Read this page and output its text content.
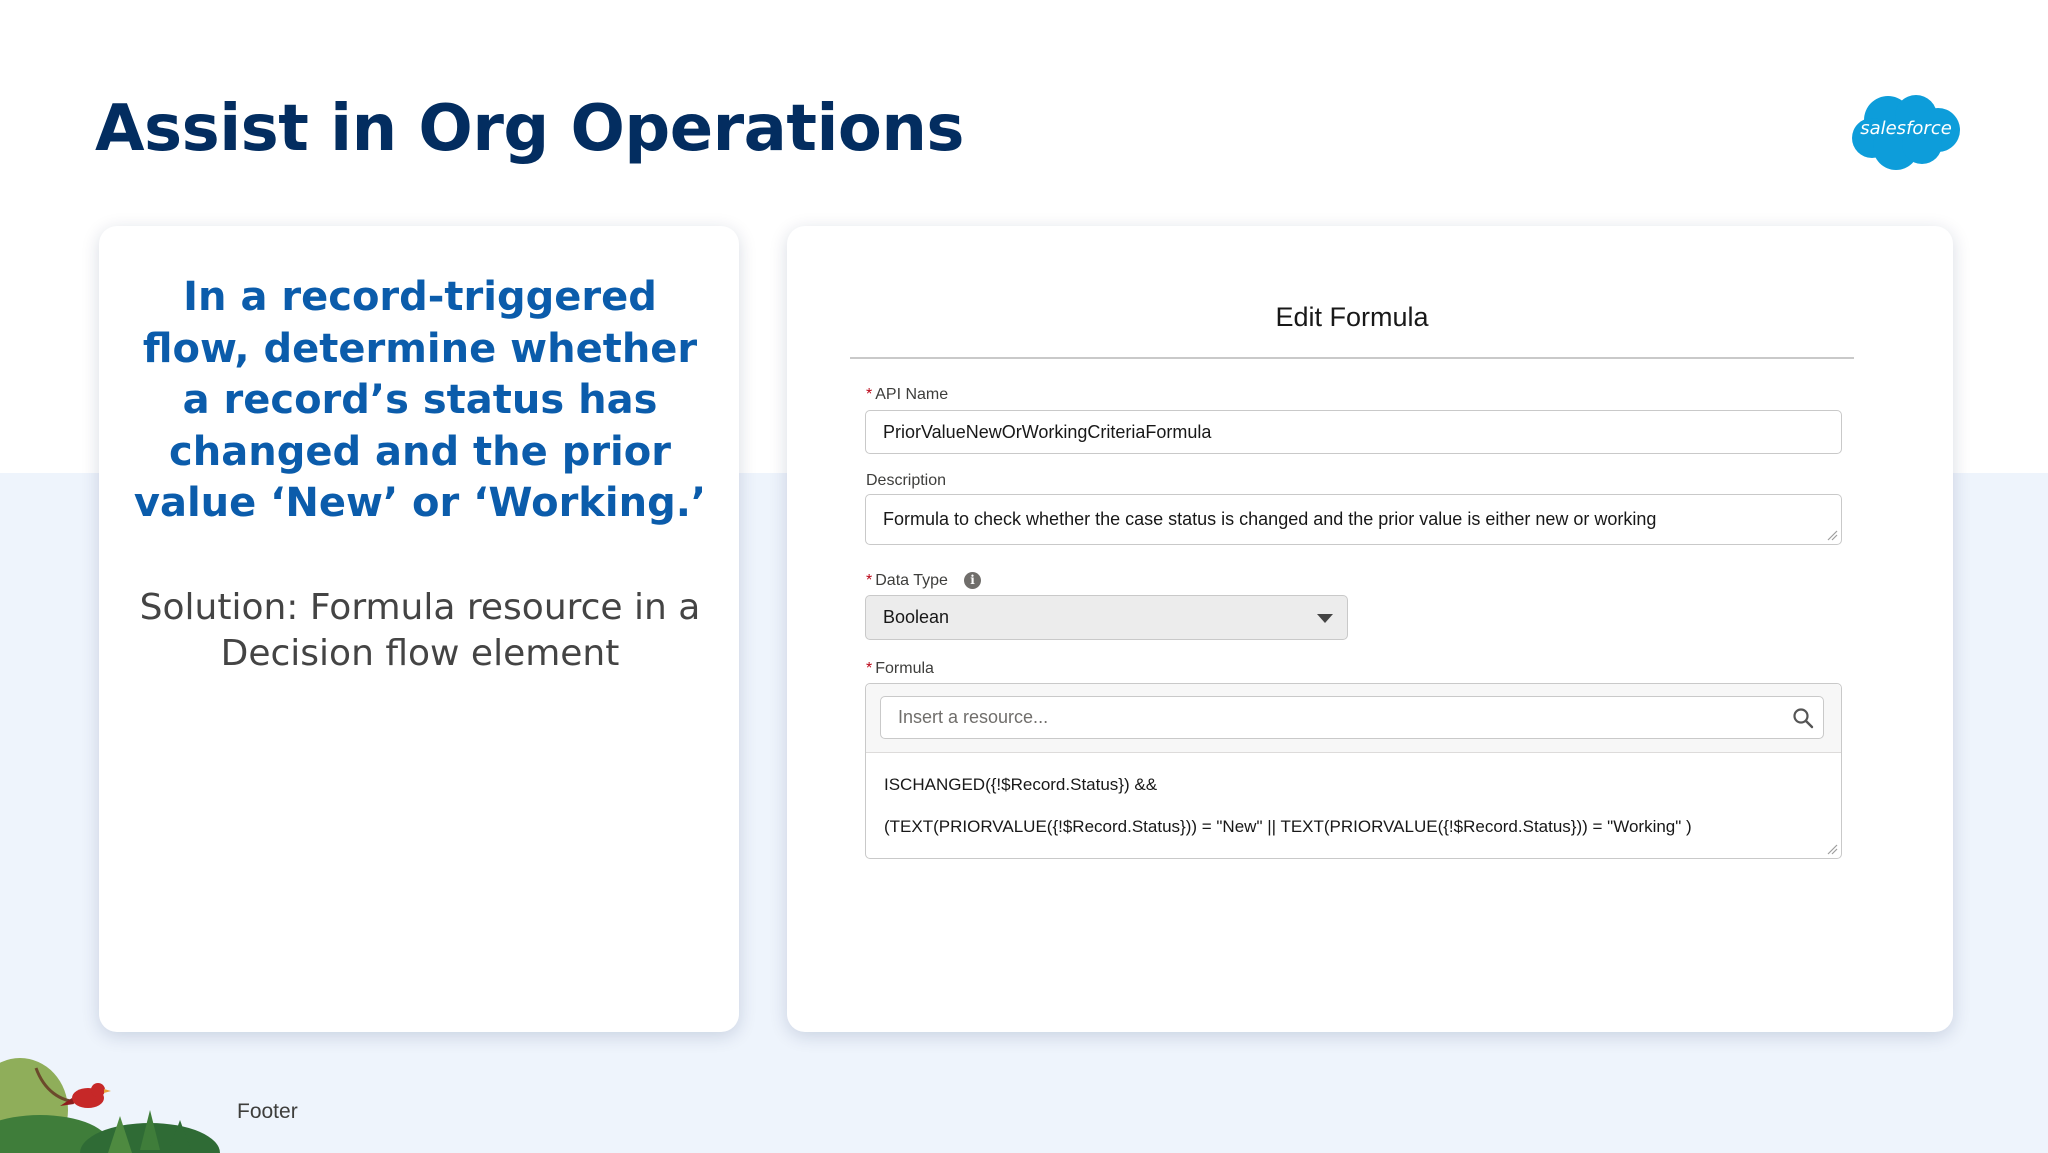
Assist in Org Operations	salesforce

In a record-triggered flow, determine whether a record’s status has changed and the prior value ‘New’ or ‘Working.’

Solution: Formula resource in a Decision flow element

Edit Formula
* API Name
PriorValueNewOrWorkingCriteriaFormula
Description
Formula to check whether the case status is changed and the prior value is either new or working
* Data Type	i
Boolean
* Formula
Insert a resource...
ISCHANGED({!$Record.Status}) &&
(TEXT(PRIORVALUE({!$Record.Status})) = "New" || TEXT(PRIORVALUE({!$Record.Status})) = "Working" )
Footer
